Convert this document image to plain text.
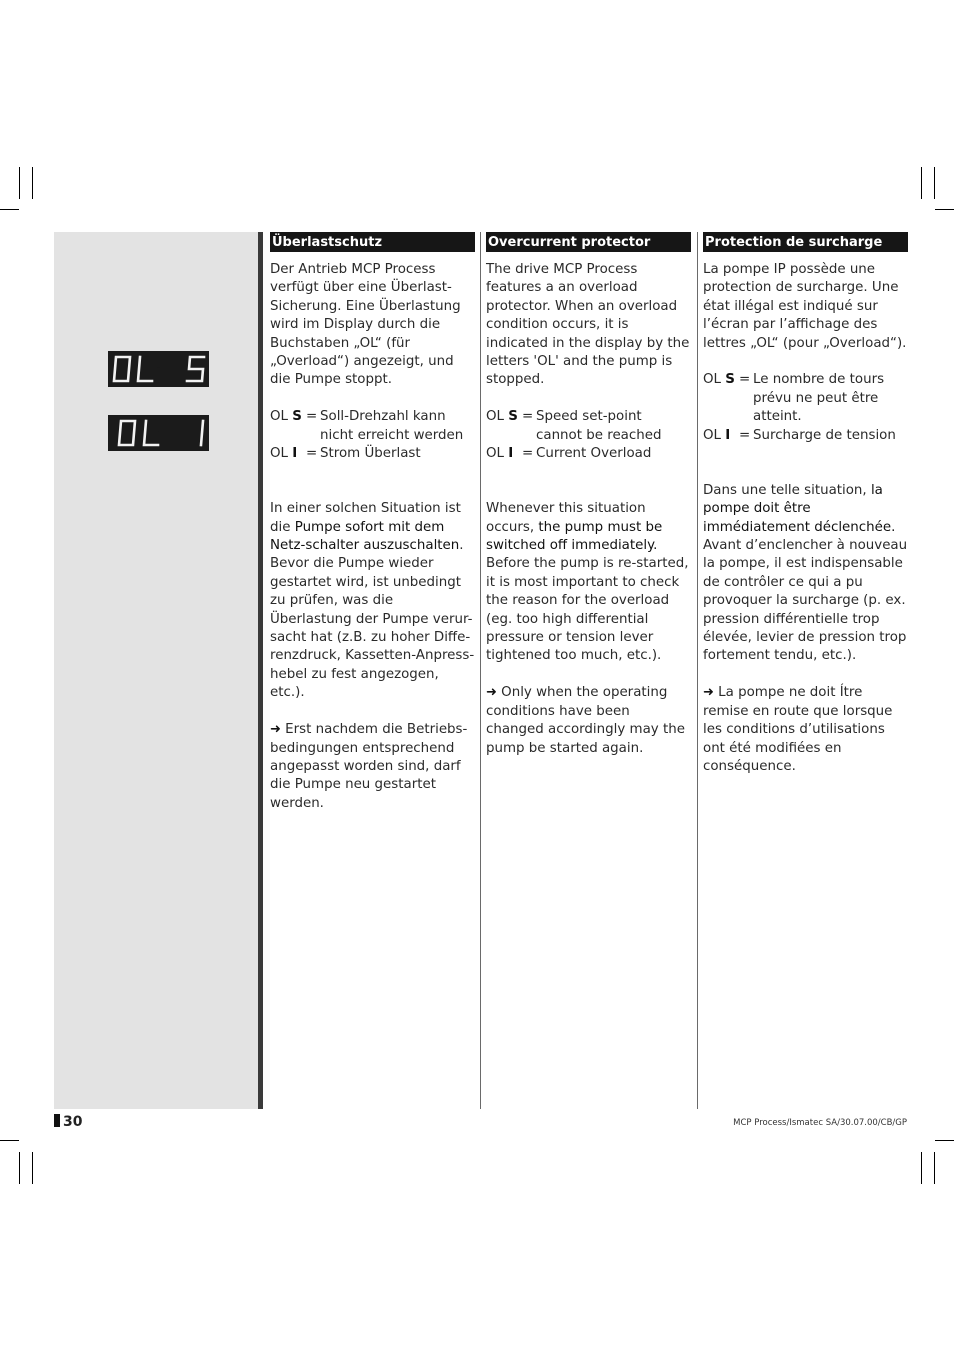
OL S
OL I
Überlastschutz

Der Antrieb MCP Process verfügt über eine Überlast-Sicherung. Eine Überlastung wird im Display durch die Buchstaben „OL“ (für „Overload“) angezeigt, und die Pumpe stoppt.

OL S = Soll-Drehzahl kann nicht erreicht werden
OL I = Strom Überlast

In einer solchen Situation ist die Pumpe sofort mit dem Netz-schalter auszuschalten. Bevor die Pumpe wieder gestartet wird, ist unbedingt zu prüfen, was die Überlastung der Pumpe verur-sacht hat (z.B. zu hoher Diffe-renzdruck, Kassetten-Anpress-hebel zu fest angezogen, etc.).

➜ Erst nachdem die Betriebs-bedingungen entsprechend angepasst worden sind, darf die Pumpe neu gestartet werden.

Overcurrent protector

The drive MCP Process features a an overload protector. When an overload condition occurs, it is indicated in the display by the letters 'OL' and the pump is stopped.

OL S = Speed set-point cannot be reached
OL I = Current Overload

Whenever this situation occurs, the pump must be switched off immediately. Before the pump is re-started, it is most important to check the reason for the overload (eg. too high differential pressure or tension lever tightened too much, etc.).

➜ Only when the operating conditions have been changed accordingly may the pump be started again.

Protection de surcharge

La pompe IP possède une protection de surcharge. Une état illégal est indiqué sur l’écran par l’affichage des lettres „OL“ (pour „Overload“).

OL S = Le nombre de tours prévu ne peut être atteint.
OL I = Surcharge de tension

Dans une telle situation, la pompe doit être immédiatement déclenchée. Avant d’enclencher à nouveau la pompe, il est indispensable de contrôler ce qui a pu provoquer la surcharge (p. ex. pression différentielle trop élevée, levier de pression trop fortement tendu, etc.).

➜ La pompe ne doit Ítre remise en route que lorsque les conditions d’utilisations ont été modifiées en conséquence.

30	MCP Process/Ismatec SA/30.07.00/CB/GP
